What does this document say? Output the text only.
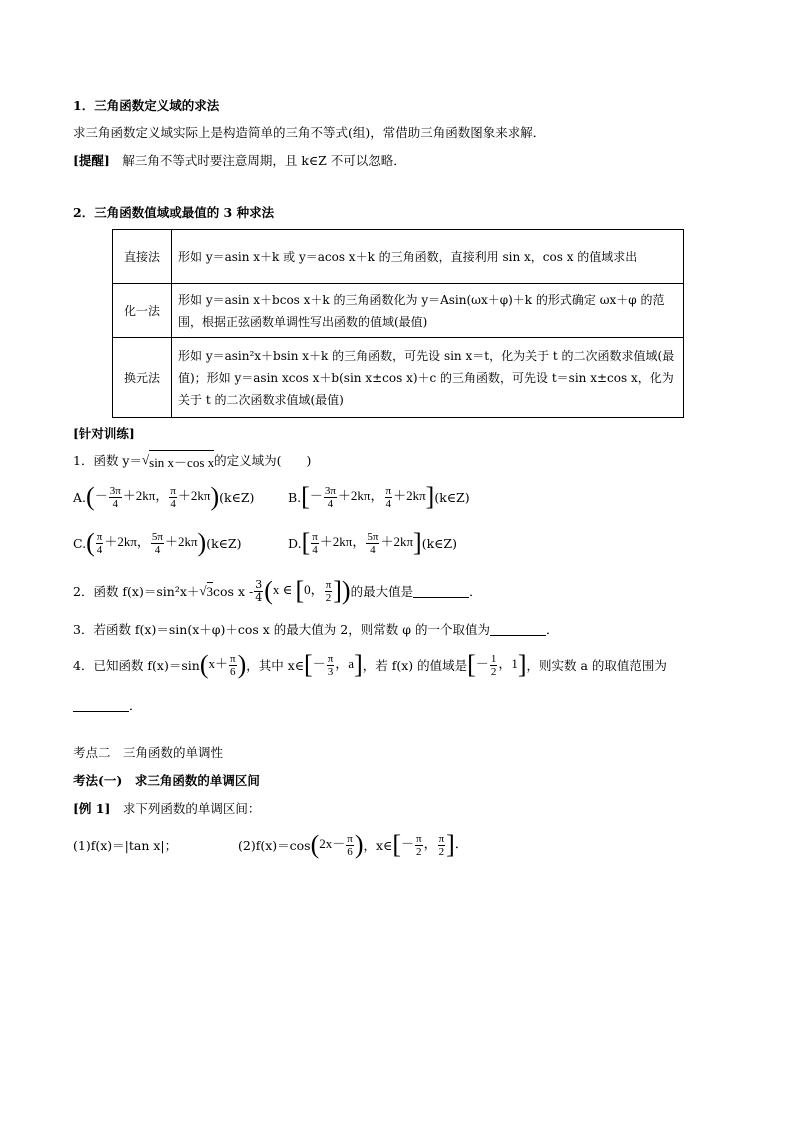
1．三角函数定义域的求法
求三角函数定义域实际上是构造简单的三角不等式(组)，常借助三角函数图象来求解．
[提醒]　解三角不等式时要注意周期，且 k∈Z 不可以忽略．
2．三角函数值域或最值的 3 种求法
直接法	形如 y＝asin x＋k 或 y＝acos x＋k 的三角函数，直接利用 sin x，cos x 的值域求出
化一法	形如 y＝asin x＋bcos x＋k 的三角函数化为 y＝Asin(ωx＋φ)＋k 的形式确定 ωx＋φ 的范围，根据正弦函数单调性写出函数的值域(最值)
换元法	形如 y＝asin²x＋bsin x＋k 的三角函数，可先设 sin x＝t，化为关于 t 的二次函数求值域(最值)；形如 y＝asin xcos x＋b(sin x±cos x)＋c 的三角函数，可先设 t＝sin x±cos x，化为关于 t 的二次函数求值域(最值)
[针对训练]
1．函数 y＝ √ sin x－cos x 的定义域为(　　)
A. (－ $\frac{3\pi}{4} +2k\pi$， $\frac{\pi}{4} +2k\pi$) (k∈Z)	B. [－ $\frac{3\pi}{4} +2k\pi$， $\frac{\pi}{4} +2k\pi$] (k∈Z)
C. ( $\frac{\pi}{4} +2k\pi$， $\frac{5\pi}{4} +2k\pi$) (k∈Z)	D. [ $\frac{\pi}{4} +2k\pi$， $\frac{5\pi}{4} +2k\pi$] (k∈Z)
2．函数 f(x)＝sin²x＋ √ 3 cos x - $\frac{3}{4} (x$ ∈ [0， $\frac{\pi}{2}$ ]) 的最大值是	．
3．若函数 f(x)＝sin(x＋φ)＋cos x 的最大值为 2，则常数 φ 的一个取值为	．
4．已知函数 f(x)＝sin ($x+ \frac{\pi}{6}$ ) ，其中 x∈ [－ $\frac{\pi}{3}$ ，a] ，若 f(x) 的值域是 [－ $\frac{1}{2}$ ，1] ，则实数 a 的取值范围为
．
考点二　三角函数的单调性
考法(一)　求三角函数的单调区间
[例 1]　求下列函数的单调区间：
(1)f(x)＝|tan x|；	(2)f(x)＝cos ($2x- \frac{\pi}{6}$ ) ，x∈ [－ $\frac{\pi}{2}$ ， $\frac{\pi}{2}$ ]．
